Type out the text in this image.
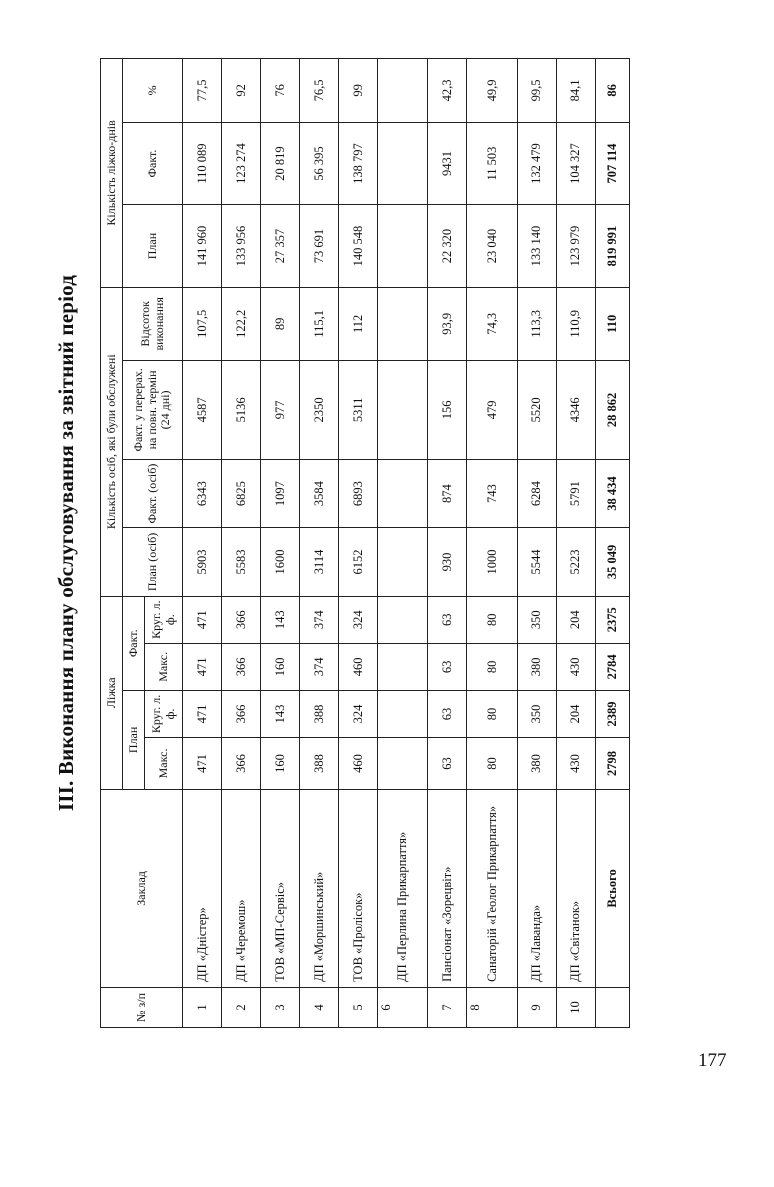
III. Виконання плану обслуговування за звітний період
№ з/п	Заклад	Ліжка				Кількість осіб, які були обслужені				Кількість ліжко-днів		
		План		Факт.		План (осіб)	Факт. (осіб)	Факт. у перерах. на повн. термін (24 дні)	Відсоток виконання	План	Факт.	%
		Макс.	Круг. л. ф.	Макс.	Круг. л. ф.							
1	ДП «Дністер»	471	471	471	471	5903	6343	4587	107,5	141 960	110 089	77,5
2	ДП «Черемош»	366	366	366	366	5583	6825	5136	122,2	133 956	123 274	92
3	ТОВ «МП-Сервіс»	160	143	160	143	1600	1097	977	89	27 357	20 819	76
4	ДП «Моршинський»	388	388	374	374	3114	3584	2350	115,1	73 691	56 395	76,5
5	ТОВ «Пролісок»	460	324	460	324	6152	6893	5311	112	140 548	138 797	99
6	ДП «Перлина Прикарпаття»											
7	Пансіонат «Зорецвіт»	63	63	63	63	930	874	156	93,9	22 320	9431	42,3
8	Санаторій «Геолог Прикарпаття»	80	80	80	80	1000	743	479	74,3	23 040	11 503	49,9
9	ДП «Лаванда»	380	350	380	350	5544	6284	5520	113,3	133 140	132 479	99,5
10	ДП «Світанок»	430	204	430	204	5223	5791	4346	110,9	123 979	104 327	84,1
	Всього	2798	2389	2784	2375	35 049	38 434	28 862	110	819 991	707 114	86
177
